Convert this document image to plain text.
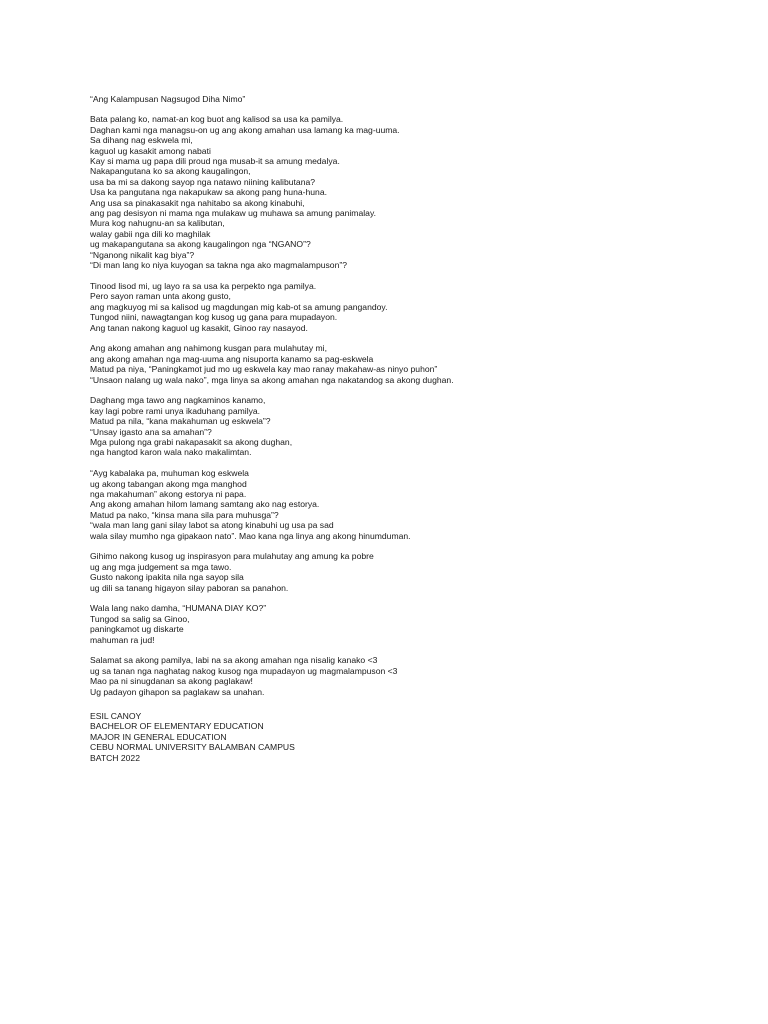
“Ang Kalampusan Nagsugod Diha Nimo”
Bata palang ko, namat-an kog buot ang kalisod sa usa ka pamilya.
Daghan kami nga managsu-on ug ang akong amahan usa lamang ka mag-uuma.
Sa dihang nag eskwela mi,
kaguol ug kasakit among nabati
Kay si mama ug papa dili proud nga musab-it sa amung medalya.
Nakapangutana ko sa akong kaugalingon,
usa ba mi sa dakong sayop nga natawo niining kalibutana?
Usa ka pangutana nga nakapukaw sa akong pang huna-huna.
Ang usa sa pinakasakit nga nahitabo sa akong kinabuhi,
ang pag desisyon ni mama nga mulakaw ug muhawa sa amung panimalay.
Mura kog nahugnu-an sa kalibutan,
walay gabii nga dili ko maghilak
ug makapangutana sa akong kaugalingon nga “NGANO”?
“Nganong nikalit kag biya”?
“Di man lang ko niya kuyogan sa takna nga ako magmalampuson”?
Tinood lisod mi, ug layo ra sa usa ka perpekto nga pamilya.
Pero sayon raman unta akong gusto,
ang magkuyog mi sa kalisod ug magdungan mig kab-ot sa amung pangandoy.
Tungod niini, nawagtangan kog kusog ug gana para mupadayon.
Ang tanan nakong kaguol ug kasakit, Ginoo ray nasayod.
Ang akong amahan ang nahimong kusgan para mulahutay mi,
ang akong amahan nga mag-uuma ang nisuporta kanamo sa pag-eskwela
Matud pa niya, “Paningkamot jud mo ug eskwela kay mao ranay makahaw-as ninyo puhon”
“Unsaon nalang ug wala nako”, mga linya sa akong amahan nga nakatandog sa akong dughan.
Daghang mga tawo ang nagkaminos kanamo,
kay lagi pobre rami unya ikaduhang pamilya.
Matud pa nila, “kana makahuman ug eskwela”?
“Unsay igasto ana sa amahan”?
Mga pulong nga grabi nakapasakit sa akong dughan,
nga hangtod karon wala nako makalimtan.
“Ayg kabalaka pa, muhuman kog eskwela
ug akong tabangan akong mga manghod
nga makahuman” akong estorya ni papa.
Ang akong amahan hilom lamang samtang ako nag estorya.
Matud pa nako, “kinsa mana sila para muhusga”?
“wala man lang gani silay labot sa atong kinabuhi ug usa pa sad
wala silay mumho nga gipakaon nato”. Mao kana nga linya ang akong hinumduman.
Gihimo nakong kusog ug inspirasyon para mulahutay ang amung ka pobre
ug ang mga judgement sa mga tawo.
Gusto nakong ipakita nila nga sayop sila
ug dili sa tanang higayon silay paboran sa panahon.
Wala lang nako damha, “HUMANA DIAY KO?”
Tungod sa salig sa Ginoo,
paningkamot ug diskarte
mahuman ra jud!
Salamat sa akong pamilya, labi na sa akong amahan nga nisalig kanako <3
ug sa tanan nga naghatag nakog kusog nga mupadayon ug magmalampuson <3
Mao pa ni sinugdanan sa akong paglakaw!
Ug padayon gihapon sa paglakaw sa unahan.
ESIL CANOY
BACHELOR OF ELEMENTARY EDUCATION
MAJOR IN GENERAL EDUCATION
CEBU NORMAL UNIVERSITY BALAMBAN CAMPUS
BATCH 2022
